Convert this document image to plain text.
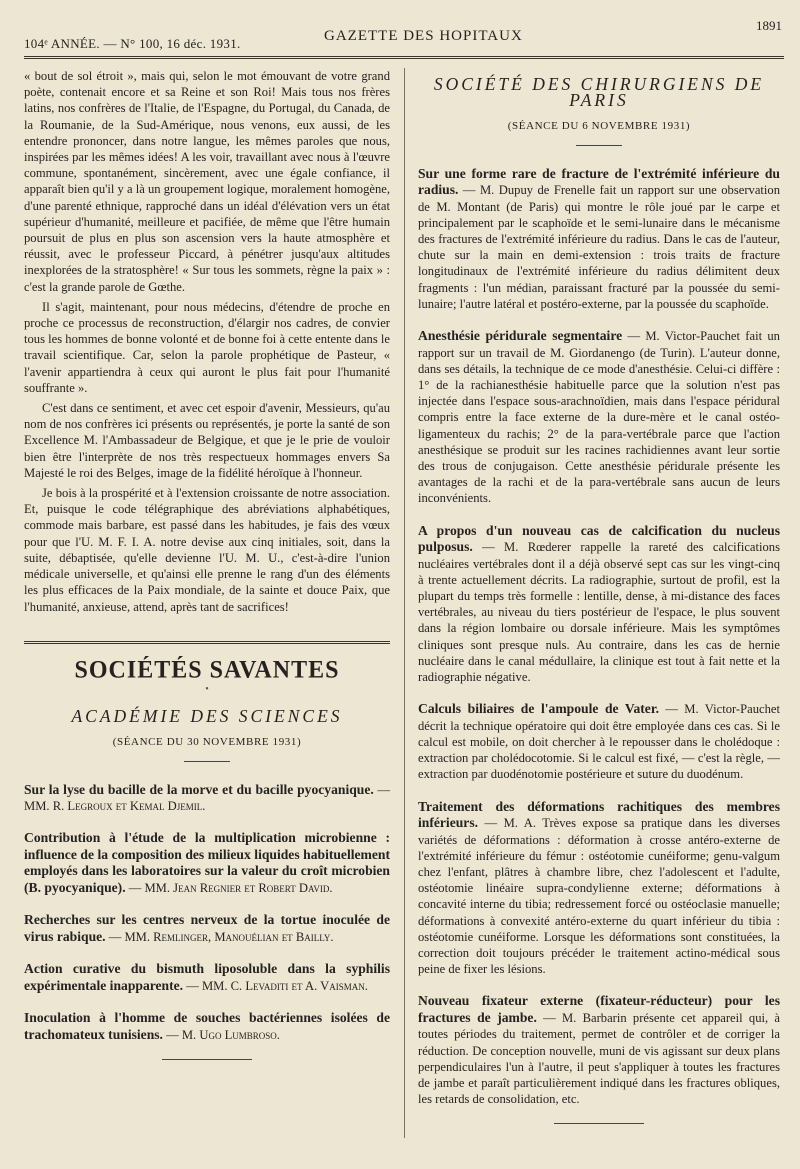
104ᵉ ANNÉE. — N° 100, 16 déc. 1931.	GAZETTE DES HOPITAUX
1891

« bout de sol étroit », mais qui, selon le mot émouvant de votre grand poète, contenait encore et sa Reine et son Roi! Mais tous nos frères latins, nos confrères de l'Italie, de l'Espagne, du Portugal, du Canada, de la Roumanie, de la Sud-Amérique, nous venons, eux aussi, de les entendre prononcer, dans notre langue, les mêmes paroles que nous, inspirées par les mêmes idées! A les voir, travaillant avec nous à l'œuvre commune, spontanément, sincèrement, avec une égale confiance, il apparaît bien qu'il y a là un groupement logique, moralement homogène, d'une parenté ethnique, rapproché dans un idéal d'élévation vers un état supérieur d'humanité, meilleure et pacifiée, de même que l'être humain poursuit de plus en plus son ascension vers la haute atmosphère et réussit, avec le professeur Piccard, à pénétrer jusqu'aux altitudes inexplorées de la stratosphère! « Sur tous les sommets, règne la paix » : c'est la grande parole de Gœthe.

Il s'agit, maintenant, pour nous médecins, d'étendre de proche en proche ce processus de reconstruction, d'élargir nos cadres, de convier tous les hommes de bonne volonté et de bonne foi à cette entente dans le travail scientifique. Car, selon la parole prophétique de Pasteur, « l'avenir appartiendra à ceux qui auront le plus fait pour l'humanité souffrante ».

C'est dans ce sentiment, et avec cet espoir d'avenir, Messieurs, qu'au nom de nos confrères ici présents ou représentés, je porte la santé de son Excellence M. l'Ambassadeur de Belgique, et que je le prie de vouloir bien être l'interprète de nos très respectueux hommages envers Sa Majesté le roi des Belges, image de la fidélité héroïque à l'honneur.

Je bois à la prospérité et à l'extension croissante de notre association. Et, puisque le code télégraphique des abréviations alphabétiques, commode mais barbare, est passé dans les habitudes, je fais des vœux pour que l'U. M. F. I. A. notre devise aux cinq initiales, soit, dans la suite, débaptisée, qu'elle devienne l'U. M. U., c'est-à-dire l'union médicale universelle, et qu'ainsi elle prenne le rang d'un des éléments les plus efficaces de la Paix mondiale, de la sainte et douce Paix, que l'humanité, anxieuse, attend, après tant de sacrifices!

SOCIÉTÉS SAVANTES
•
ACADÉMIE DES SCIENCES
(SÉANCE DU 30 NOVEMBRE 1931)
Sur la lyse du bacille de la morve et du bacille pyocyanique. — MM. R. Legroux et Kemal Djemil.
Contribution à l'étude de la multiplication microbienne : influence de la composition des milieux liquides habituellement employés dans les laboratoires sur la valeur du croît microbien (B. pyocyanique). — MM. Jean Regnier et Robert David.
Recherches sur les centres nerveux de la tortue inoculée de virus rabique. — MM. Remlinger, Manouélian et Bailly.
Action curative du bismuth liposoluble dans la syphilis expérimentale inapparente. — MM. C. Levaditi et A. Vaisman.
Inoculation à l'homme de souches bactériennes isolées de trachomateux tunisiens. — M. Ugo Lumbroso.
SOCIÉTÉ DES CHIRURGIENS DE PARIS
(SÉANCE DU 6 NOVEMBRE 1931)
Sur une forme rare de fracture de l'extrémité inférieure du radius. — M. Dupuy de Frenelle fait un rapport sur une observation de M. Montant (de Paris) qui montre le rôle joué par le carpe et principalement par le scaphoïde et le semi-lunaire dans le mécanisme des fractures de l'extrémité inférieure du radius. Dans le cas de l'auteur, chute sur la main en demi-extension : trois traits de fracture longitudinaux de l'extrémité inférieure du radius délimitent deux fragments : l'un médian, paraissant fracturé par la poussée du semi-lunaire; l'autre latéral et postéro-externe, par la poussée du scaphoïde.
Anesthésie péridurale segmentaire — M. Victor-Pauchet fait un rapport sur un travail de M. Giordanengo (de Turin). L'auteur donne, dans ses détails, la technique de ce mode d'anesthésie. Celui-ci diffère : 1° de la rachianesthésie habituelle parce que la solution n'est pas injectée dans l'espace sous-arachnoïdien, mais dans l'espace péridural compris entre la face externe de la dure-mère et le canal ostéo-ligamenteux du rachis; 2° de la para-vertébrale parce que l'action anesthésique se produit sur les racines rachidiennes avant leur sortie des trous de conjugaison. Cette anesthésie péridurale présente les avantages de la rachi et de la para-vertébrale sans aucun de leurs inconvénients.
A propos d'un nouveau cas de calcification du nucleus pulposus. — M. Rœderer rappelle la rareté des calcifications nucléaires vertébrales dont il a déjà observé sept cas sur les vingt-cinq à trente actuellement décrits. La radiographie, surtout de profil, est la plupart du temps très formelle : lentille, dense, à mi-distance des faces vertébrales, au niveau du tiers postérieur de l'espace, le plus souvent dans la région lombaire ou dorsale inférieure. Mais les symptômes cliniques sont presque nuls. Au contraire, dans les cas de hernie nucléaire dans le canal médullaire, la clinique est tout à fait nette et la radiographie négative.
Calculs biliaires de l'ampoule de Vater. — M. Victor-Pauchet décrit la technique opératoire qui doit être employée dans ces cas. Si le calcul est mobile, on doit chercher à le repousser dans le cholédoque : extraction par cholédocotomie. Si le calcul est fixé, — c'est la règle, — extraction par duodénotomie postérieure et suture du duodénum.
Traitement des déformations rachitiques des membres inférieurs. — M. A. Trèves expose sa pratique dans les diverses variétés de déformations : déformation à crosse antéro-externe de l'extrémité inférieure du fémur : ostéotomie cunéiforme; genu-valgum chez l'enfant, plâtres à chambre libre, chez l'adolescent et l'adulte, ostéotomie linéaire supra-condylienne externe; déformations à concavité interne du tibia; redressement forcé ou ostéoclasie manuelle; déformations à convexité antéro-externe du quart inférieur du tibia : ostéotomie cunéiforme. Lorsque les déformations sont constituées, la correction doit toujours précéder le traitement actino-médical sous peine de fixer les lésions.
Nouveau fixateur externe (fixateur-réducteur) pour les fractures de jambe. — M. Barbarin présente cet appareil qui, à toutes périodes du traitement, permet de contrôler et de corriger la réduction. De conception nouvelle, muni de vis agissant sur deux plans perpendiculaires l'un à l'autre, il peut s'appliquer à toutes les fractures de jambe et paraît particulièrement indiqué dans les fractures obliques, les retards de consolidation, etc.
